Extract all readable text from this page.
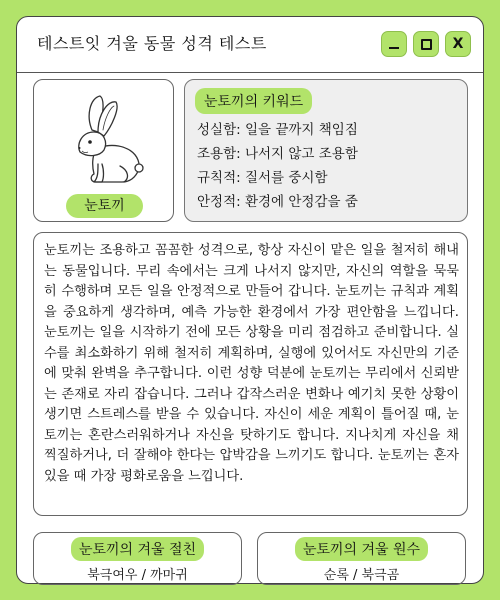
테스트잇 겨울 동물 성격 테스트	X
눈토끼
눈토끼의 키워드
성실함: 일을 끝까지 책임짐
조용함: 나서지 않고 조용함
규칙적: 질서를 중시함
안정적: 환경에 안정감을 줌

눈토끼는 조용하고 꼼꼼한 성격으로, 항상 자신이 맡은 일을 철저히 해내는 동물입니다. 무리 속에서는 크게 나서지 않지만, 자신의 역할을 묵묵히 수행하며 모든 일을 안정적으로 만들어 갑니다. 눈토끼는 규칙과 계획을 중요하게 생각하며, 예측 가능한 환경에서 가장 편안함을 느낍니다. 눈토끼는 일을 시작하기 전에 모든 상황을 미리 점검하고 준비합니다. 실수를 최소화하기 위해 철저히 계획하며, 실행에 있어서도 자신만의 기준에 맞춰 완벽을 추구합니다. 이런 성향 덕분에 눈토끼는 무리에서 신뢰받는 존재로 자리 잡습니다. 그러나 갑작스러운 변화나 예기치 못한 상황이 생기면 스트레스를 받을 수 있습니다. 자신이 세운 계획이 틀어질 때, 눈토끼는 혼란스러워하거나 자신을 탓하기도 합니다. 지나치게 자신을 채찍질하거나, 더 잘해야 한다는 압박감을 느끼기도 합니다. 눈토끼는 혼자 있을 때 가장 평화로움을 느낍니다.

눈토끼의 겨울 절친
북극여우 / 까마귀
눈토끼의 겨울 원수
순록 / 북극곰
